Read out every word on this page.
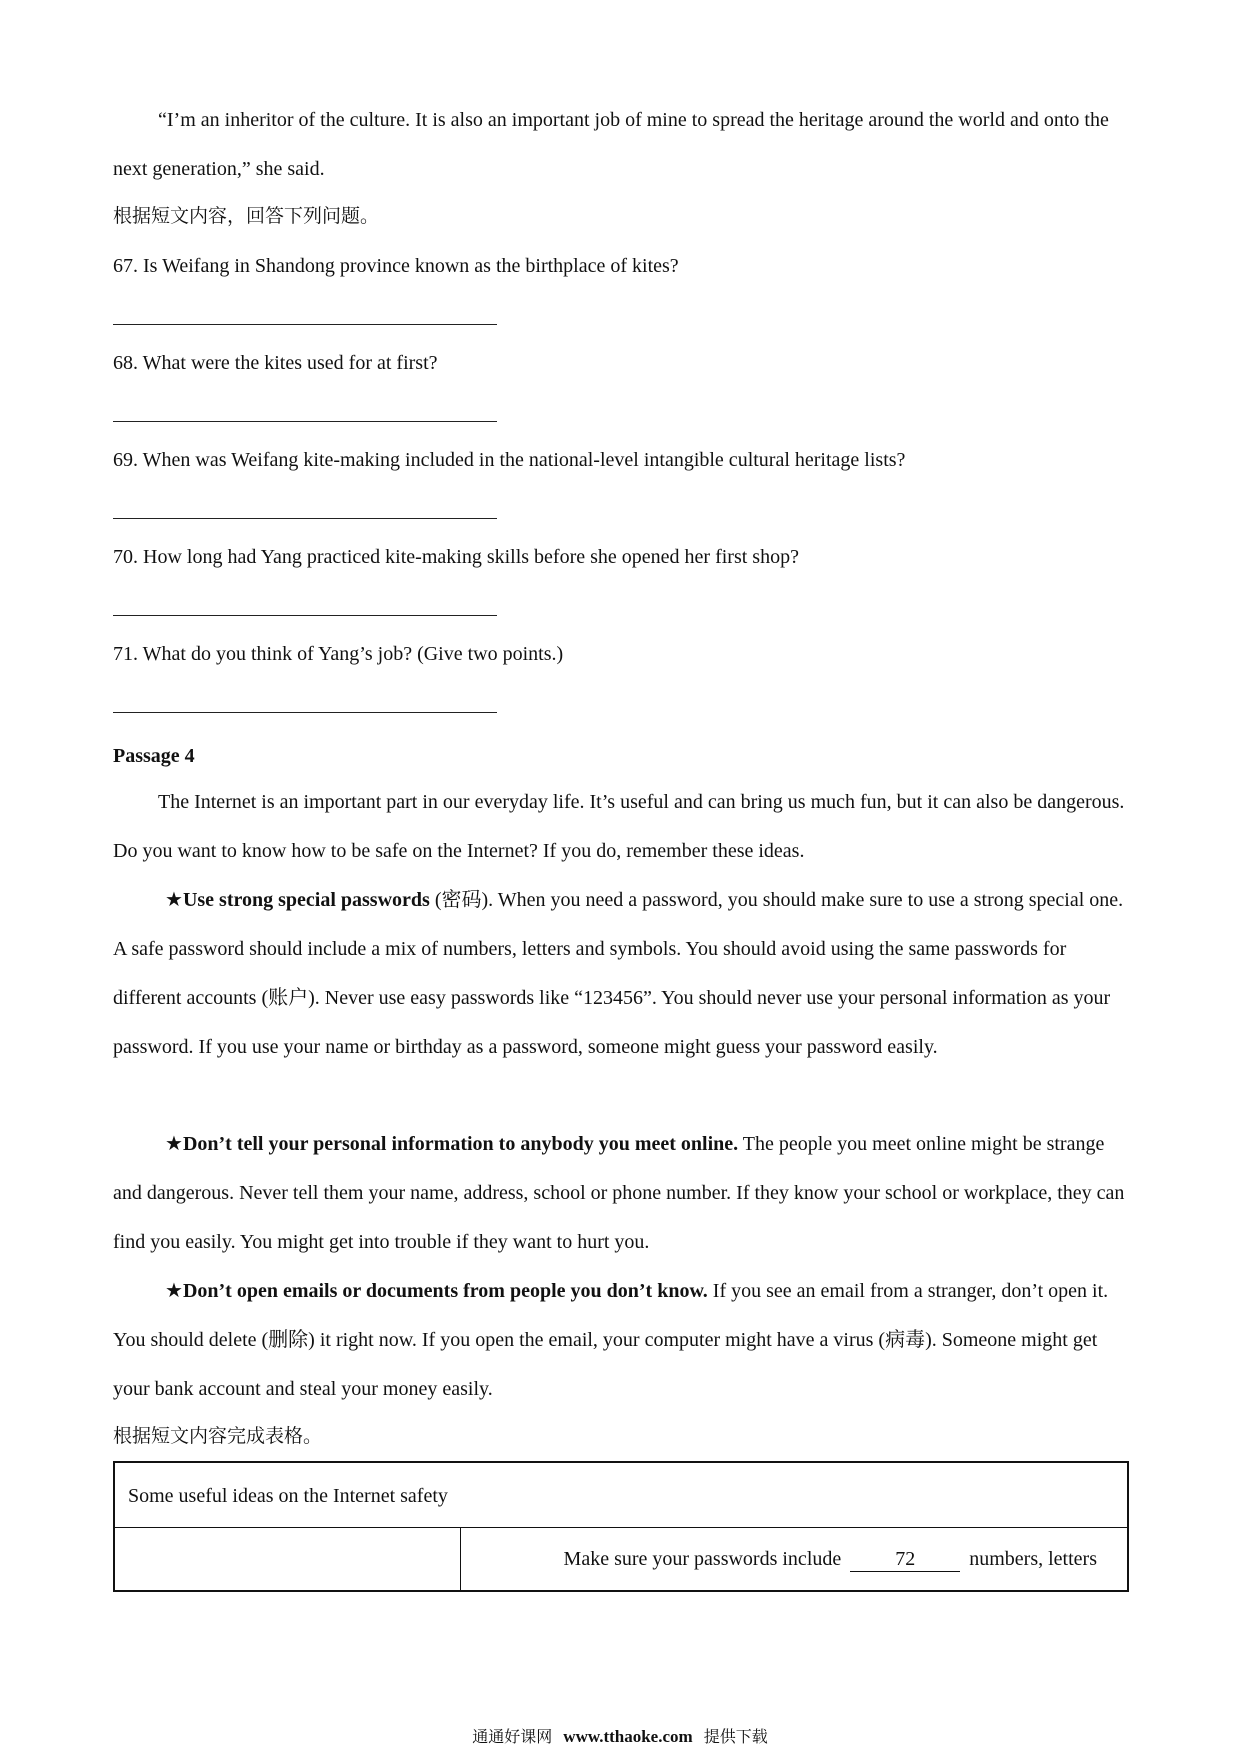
“I’m an inheritor of the culture. It is also an important job of mine to spread the heritage around the world and onto the next generation,” she said.
根据短文内容，回答下列问题。
67. Is Weifang in Shandong province known as the birthplace of kites?
68. What were the kites used for at first?
69. When was Weifang kite-making included in the national-level intangible cultural heritage lists?
70. How long had Yang practiced kite-making skills before she opened her first shop?
71. What do you think of Yang’s job? (Give two points.)
Passage 4
The Internet is an important part in our everyday life. It’s useful and can bring us much fun, but it can also be dangerous. Do you want to know how to be safe on the Internet? If you do, remember these ideas.
★Use strong special passwords (密码). When you need a password, you should make sure to use a strong special one. A safe password should include a mix of numbers, letters and symbols. You should avoid using the same passwords for different accounts (账户). Never use easy passwords like “123456”. You should never use your personal information as your password. If you use your name or birthday as a password, someone might guess your password easily.
★Don’t tell your personal information to anybody you meet online. The people you meet online might be strange and dangerous. Never tell them your name, address, school or phone number. If they know your school or workplace, they can find you easily. You might get into trouble if they want to hurt you.
★Don’t open emails or documents from people you don’t know. If you see an email from a stranger, don’t open it. You should delete (删除) it right now. If you open the email, your computer might have a virus (病毒). Someone might get your bank account and steal your money easily.
根据短文内容完成表格。
Some useful ideas on the Internet safety
Make sure your passwords include	72	numbers, letters
通通好课网 www.tthaoke.com 提供下载
